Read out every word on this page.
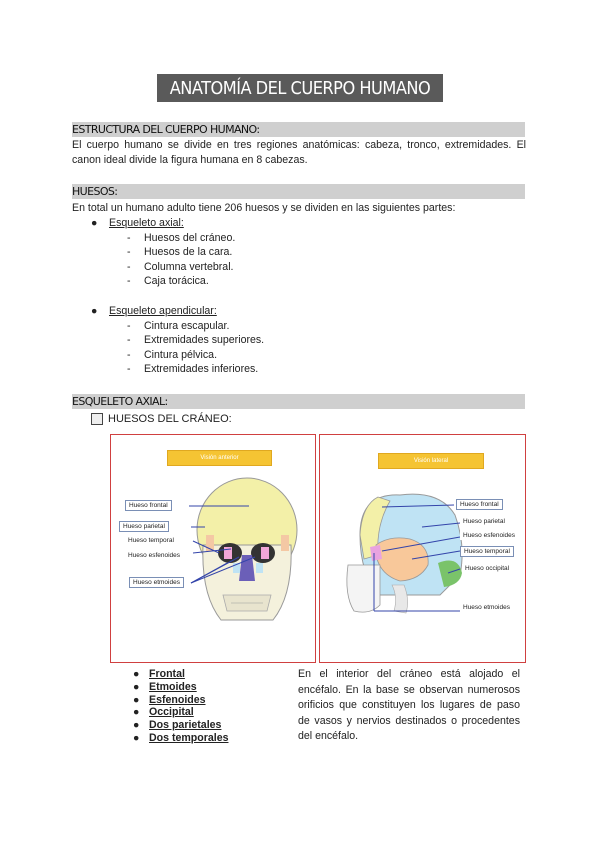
ANATOMÍA DEL CUERPO HUMANO
ESTRUCTURA DEL CUERPO HUMANO:
El cuerpo humano se divide en tres regiones anatómicas: cabeza, tronco, extremidades. El canon ideal divide la figura humana en 8 cabezas.
HUESOS:
En total un humano adulto tiene 206 huesos y se dividen en las siguientes partes:
● Esqueleto axial:
- Huesos del cráneo.
- Huesos de la cara.
- Columna vertebral.
- Caja torácica.
● Esqueleto apendicular:
- Cintura escapular.
- Extremidades superiores.
- Cintura pélvica.
- Extremidades inferiores.
ESQUELETO AXIAL:
HUESOS DEL CRÁNEO:
Visión anterior
Hueso frontal
Hueso parietal
Hueso temporal
Hueso esfenoides
Hueso etmoides
Visión lateral
Hueso frontal
Hueso parietal
Hueso esfenoides
Hueso temporal
Hueso occipital
Hueso etmoides
● Frontal
● Etmoides
● Esfenoides
● Occipital
● Dos parietales
● Dos temporales
En el interior del cráneo está alojado el encéfalo. En la base se observan numerosos orificios que constituyen los lugares de paso de vasos y nervios destinados o procedentes del encéfalo.
